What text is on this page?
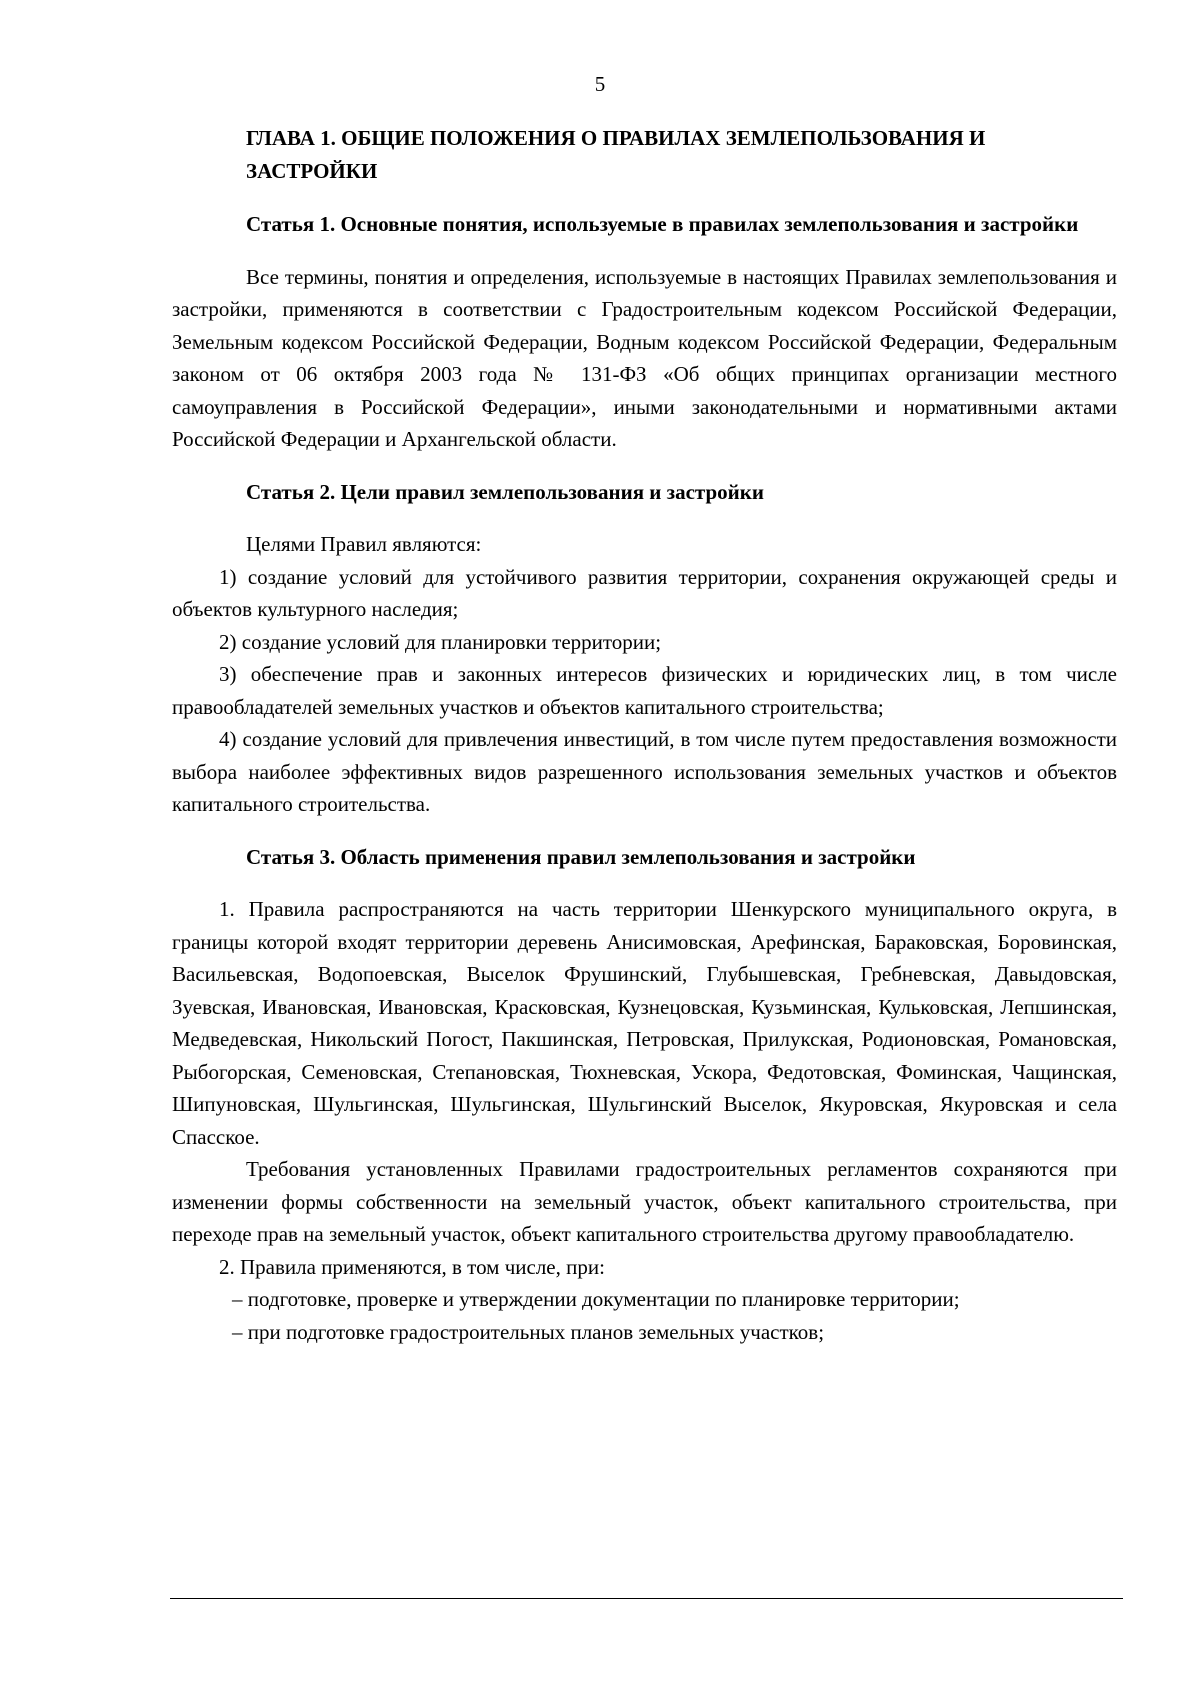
5
ГЛАВА 1. ОБЩИЕ ПОЛОЖЕНИЯ О ПРАВИЛАХ ЗЕМЛЕПОЛЬЗОВАНИЯ И ЗАСТРОЙКИ
Статья 1. Основные понятия, используемые в правилах землепользования и застройки

Все термины, понятия и определения, используемые в настоящих Правилах землепользования и застройки, применяются в соответствии с Градостроительным кодексом Российской Федерации, Земельным кодексом Российской Федерации, Водным кодексом Российской Федерации, Федеральным законом от 06 октября 2003 года № 131-ФЗ «Об общих принципах организации местного самоуправления в Российской Федерации», иными законодательными и нормативными актами Российской Федерации и Архангельской области.

Статья 2. Цели правил землепользования и застройки

Целями Правил являются:

1) создание условий для устойчивого развития территории, сохранения окружающей среды и объектов культурного наследия;

2) создание условий для планировки территории;

3) обеспечение прав и законных интересов физических и юридических лиц, в том числе правообладателей земельных участков и объектов капитального строительства;

4) создание условий для привлечения инвестиций, в том числе путем предоставления возможности выбора наиболее эффективных видов разрешенного использования земельных участков и объектов капитального строительства.

Статья 3. Область применения правил землепользования и застройки

1. Правила распространяются на часть территории Шенкурского муниципального округа, в границы которой входят территории деревень Анисимовская, Арефинская, Бараковская, Боровинская, Васильевская, Водопоевская, Выселок Фрушинский, Глубышевская, Гребневская, Давыдовская, Зуевская, Ивановская, Ивановская, Красковская, Кузнецовская, Кузьминская, Кульковская, Лепшинская, Медведевская, Никольский Погост, Пакшинская, Петровская, Прилукская, Родионовская, Романовская, Рыбогорская, Семеновская, Степановская, Тюхневская, Ускора, Федотовская, Фоминская, Чащинская, Шипуновская, Шульгинская, Шульгинская, Шульгинский Выселок, Якуровская, Якуровская и села Спасское.

Требования установленных Правилами градостроительных регламентов сохраняются при изменении формы собственности на земельный участок, объект капитального строительства, при переходе прав на земельный участок, объект капитального строительства другому правообладателю.

2. Правила применяются, в том числе, при:

– подготовке, проверке и утверждении документации по планировке территории;
– при подготовке градостроительных планов земельных участков;
